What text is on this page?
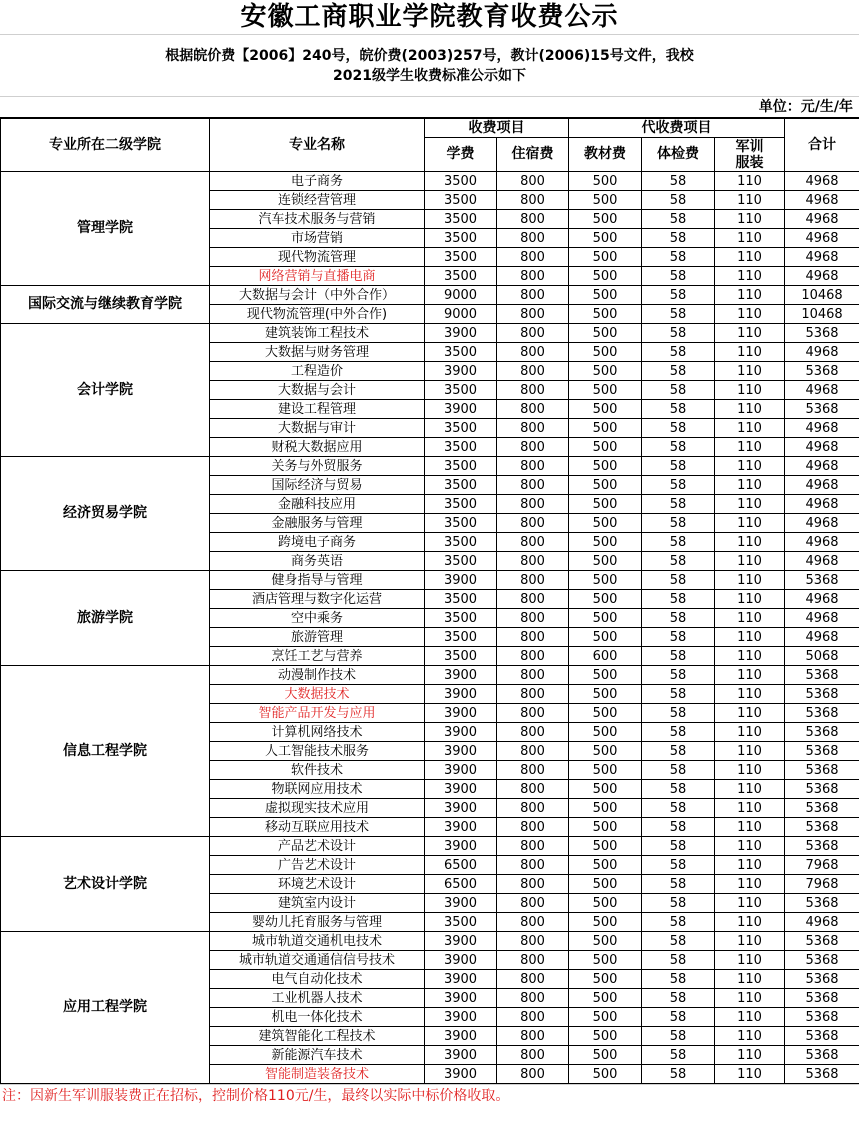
安徽工商职业学院教育收费公示
根据皖价费【2006】240号，皖价费(2003)257号，教计(2006)15号文件，我校2021级学生收费标准公示如下
单位：元/生/年
专业所在二级学院	专业名称	收费项目		代收费项目			合计
		学费	住宿费	教材费	体检费	军训服装	
管理学院	电子商务	3500	800	500	58	110	4968
	连锁经营管理	3500	800	500	58	110	4968
	汽车技术服务与营销	3500	800	500	58	110	4968
	市场营销	3500	800	500	58	110	4968
	现代物流管理	3500	800	500	58	110	4968
	网络营销与直播电商	3500	800	500	58	110	4968
国际交流与继续教育学院	大数据与会计（中外合作）	9000	800	500	58	110	10468
	现代物流管理(中外合作)	9000	800	500	58	110	10468
会计学院	建筑装饰工程技术	3900	800	500	58	110	5368
	大数据与财务管理	3500	800	500	58	110	4968
	工程造价	3900	800	500	58	110	5368
	大数据与会计	3500	800	500	58	110	4968
	建设工程管理	3900	800	500	58	110	5368
	大数据与审计	3500	800	500	58	110	4968
	财税大数据应用	3500	800	500	58	110	4968
经济贸易学院	关务与外贸服务	3500	800	500	58	110	4968
	国际经济与贸易	3500	800	500	58	110	4968
	金融科技应用	3500	800	500	58	110	4968
	金融服务与管理	3500	800	500	58	110	4968
	跨境电子商务	3500	800	500	58	110	4968
	商务英语	3500	800	500	58	110	4968
旅游学院	健身指导与管理	3900	800	500	58	110	5368
	酒店管理与数字化运营	3500	800	500	58	110	4968
	空中乘务	3500	800	500	58	110	4968
	旅游管理	3500	800	500	58	110	4968
	烹饪工艺与营养	3500	800	600	58	110	5068
信息工程学院	动漫制作技术	3900	800	500	58	110	5368
	大数据技术	3900	800	500	58	110	5368
	智能产品开发与应用	3900	800	500	58	110	5368
	计算机网络技术	3900	800	500	58	110	5368
	人工智能技术服务	3900	800	500	58	110	5368
	软件技术	3900	800	500	58	110	5368
	物联网应用技术	3900	800	500	58	110	5368
	虚拟现实技术应用	3900	800	500	58	110	5368
	移动互联应用技术	3900	800	500	58	110	5368
艺术设计学院	产品艺术设计	3900	800	500	58	110	5368
	广告艺术设计	6500	800	500	58	110	7968
	环境艺术设计	6500	800	500	58	110	7968
	建筑室内设计	3900	800	500	58	110	5368
	婴幼儿托育服务与管理	3500	800	500	58	110	4968
应用工程学院	城市轨道交通机电技术	3900	800	500	58	110	5368
	城市轨道交通通信信号技术	3900	800	500	58	110	5368
	电气自动化技术	3900	800	500	58	110	5368
	工业机器人技术	3900	800	500	58	110	5368
	机电一体化技术	3900	800	500	58	110	5368
	建筑智能化工程技术	3900	800	500	58	110	5368
	新能源汽车技术	3900	800	500	58	110	5368
	智能制造装备技术	3900	800	500	58	110	5368
注：因新生军训服装费正在招标，控制价格110元/生，最终以实际中标价格收取。
